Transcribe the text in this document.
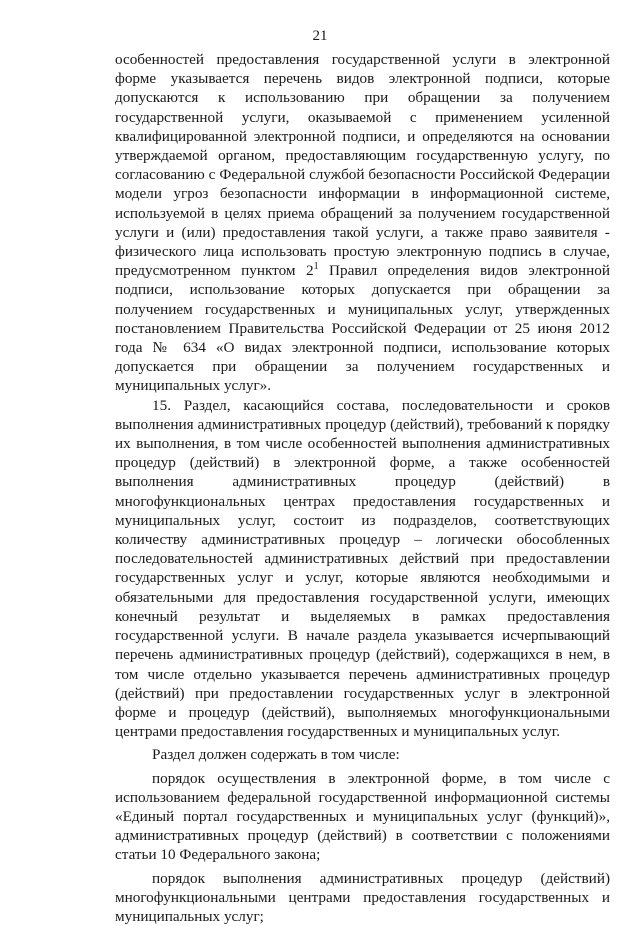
21

особенностей предоставления государственной услуги в электронной форме указывается перечень видов электронной подписи, которые допускаются к использованию при обращении за получением государственной услуги, оказываемой с применением усиленной квалифицированной электронной подписи, и определяются на основании утверждаемой органом, предоставляющим государственную услугу, по согласованию с Федеральной службой безопасности Российской Федерации модели угроз безопасности информации в информационной системе, используемой в целях приема обращений за получением государственной услуги и (или) предоставления такой услуги, а также право заявителя - физического лица использовать простую электронную подпись в случае, предусмотренном пунктом $2^1$ Правил определения видов электронной подписи, использование которых допускается при обращении за получением государственных и муниципальных услуг, утвержденных постановлением Правительства Российской Федерации от 25 июня 2012 года № 634 «О видах электронной подписи, использование которых допускается при обращении за получением государственных и муниципальных услуг».

15. Раздел, касающийся состава, последовательности и сроков выполнения административных процедур (действий), требований к порядку их выполнения, в том числе особенностей выполнения административных процедур (действий) в электронной форме, а также особенностей выполнения административных процедур (действий) в многофункциональных центрах предоставления государственных и муниципальных услуг, состоит из подразделов, соответствующих количеству административных процедур – логически обособленных последовательностей административных действий при предоставлении государственных услуг и услуг, которые являются необходимыми и обязательными для предоставления государственной услуги, имеющих конечный результат и выделяемых в рамках предоставления государственной услуги. В начале раздела указывается исчерпывающий перечень административных процедур (действий), содержащихся в нем, в том числе отдельно указывается перечень административных процедур (действий) при предоставлении государственных услуг в электронной форме и процедур (действий), выполняемых многофункциональными центрами предоставления государственных и муниципальных услуг.

Раздел должен содержать в том числе:

порядок осуществления в электронной форме, в том числе с использованием федеральной государственной информационной системы «Единый портал государственных и муниципальных услуг (функций)», административных процедур (действий) в соответствии с положениями статьи 10 Федерального закона;

порядок выполнения административных процедур (действий) многофункциональными центрами предоставления государственных и муниципальных услуг;
